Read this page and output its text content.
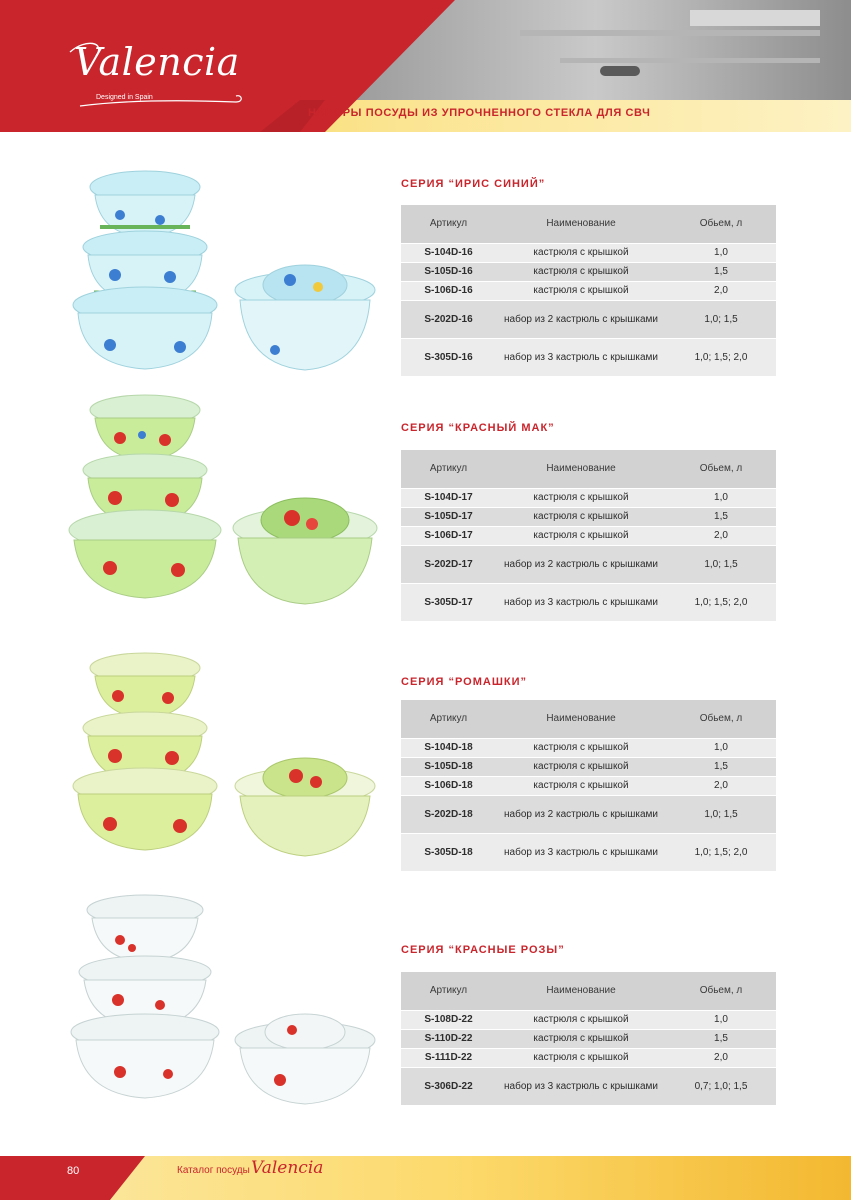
Valencia
Designed in Spain
НАБОРЫ ПОСУДЫ ИЗ УПРОЧНЕННОГО СТЕКЛА ДЛЯ СВЧ
СЕРИЯ “ИРИС СИНИЙ”
Артикул	Наименование	Обьем, л
S-104D-16	кастрюля с крышкой	1,0
S-105D-16	кастрюля с крышкой	1,5
S-106D-16	кастрюля с крышкой	2,0
S-202D-16	набор из 2 кастрюль с крышками	1,0; 1,5
S-305D-16	набор из 3 кастрюль с крышками	1,0; 1,5; 2,0
СЕРИЯ “КРАСНЫЙ МАК”
Артикул	Наименование	Обьем, л
S-104D-17	кастрюля с крышкой	1,0
S-105D-17	кастрюля с крышкой	1,5
S-106D-17	кастрюля с крышкой	2,0
S-202D-17	набор из 2 кастрюль с крышками	1,0; 1,5
S-305D-17	набор из 3 кастрюль с крышками	1,0; 1,5; 2,0
СЕРИЯ “РОМАШКИ”
Артикул	Наименование	Обьем, л
S-104D-18	кастрюля с крышкой	1,0
S-105D-18	кастрюля с крышкой	1,5
S-106D-18	кастрюля с крышкой	2,0
S-202D-18	набор из 2 кастрюль с крышками	1,0; 1,5
S-305D-18	набор из 3 кастрюль с крышками	1,0; 1,5; 2,0
СЕРИЯ “КРАСНЫЕ РОЗЫ”
Артикул	Наименование	Обьем, л
S-108D-22	кастрюля с крышкой	1,0
S-110D-22	кастрюля с крышкой	1,5
S-111D-22	кастрюля с крышкой	2,0
S-306D-22	набор из 3 кастрюль с крышками	0,7; 1,0; 1,5
80	Каталог посуды Valencia
